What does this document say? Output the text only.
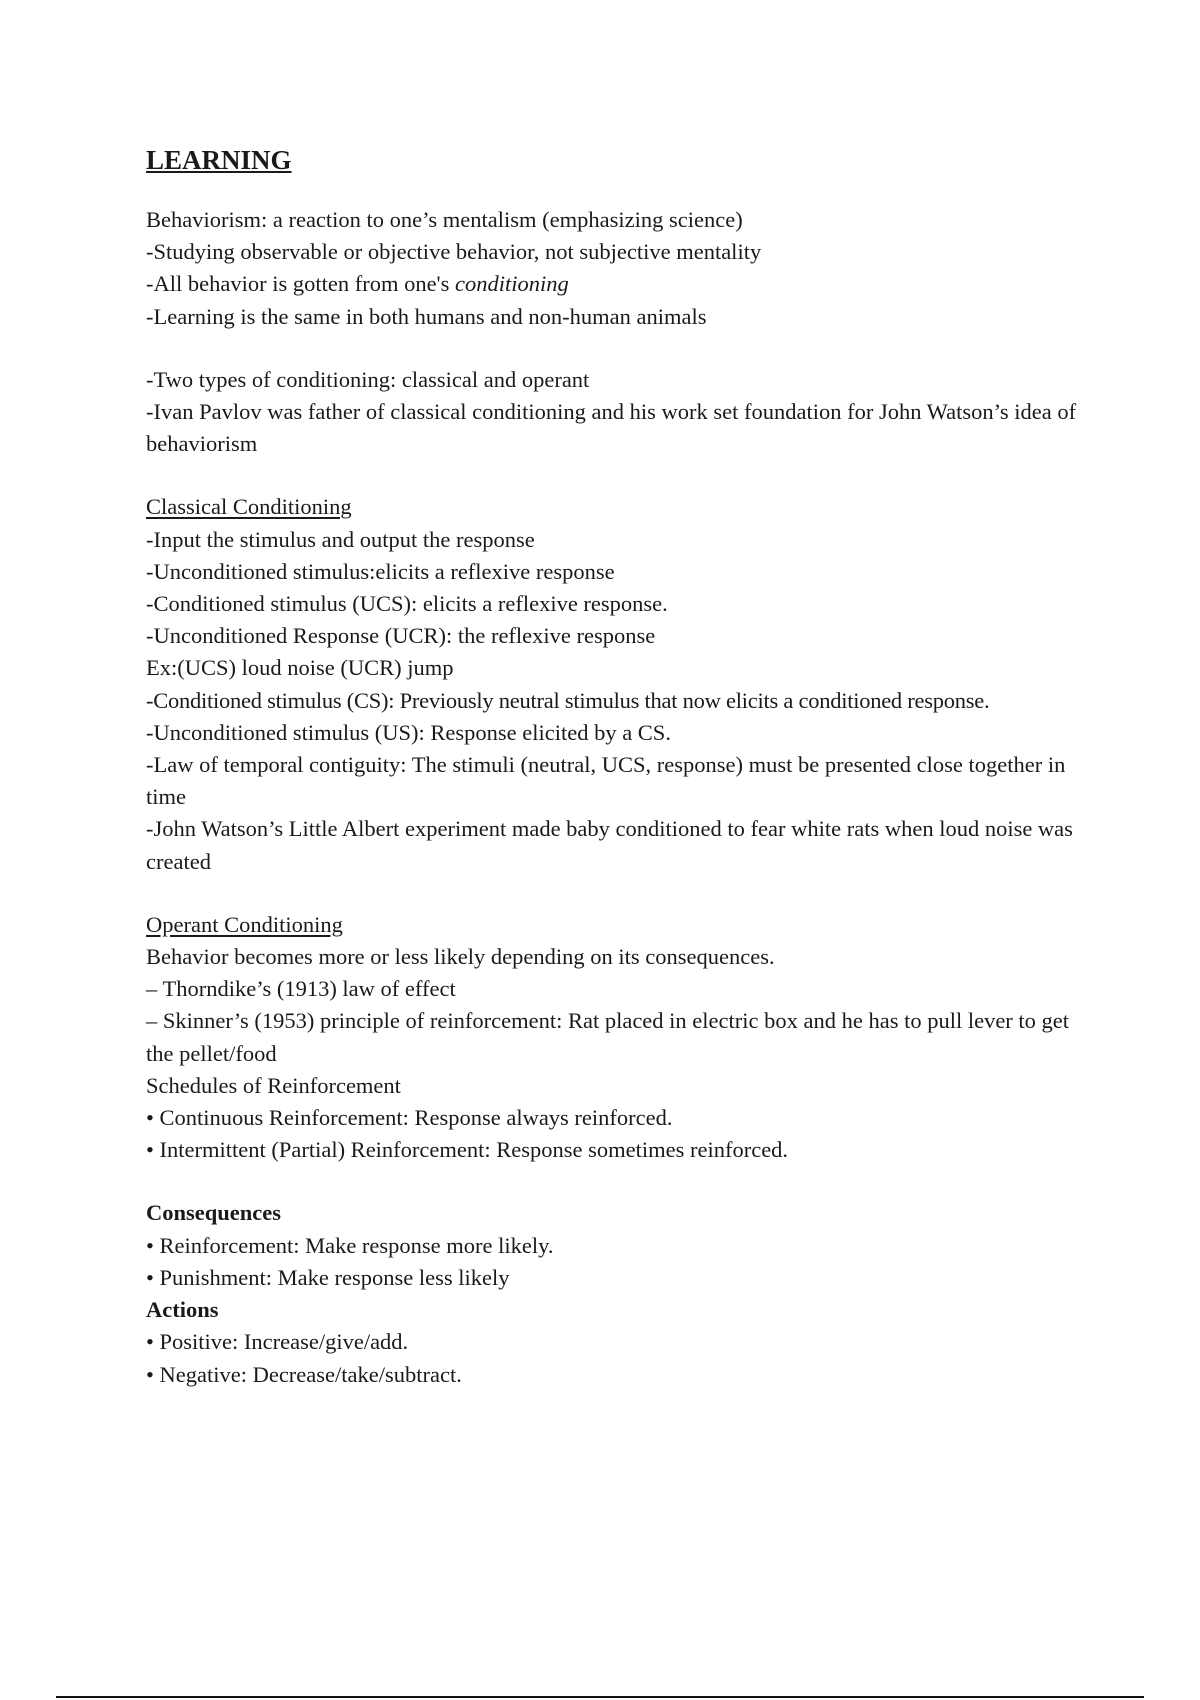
LEARNING

Behaviorism: a reaction to one’s mentalism (emphasizing science)

-Studying observable or objective behavior, not subjective mentality

-All behavior is gotten from one's conditioning

-Learning is the same in both humans and non-human animals

-Two types of conditioning: classical and operant

-Ivan Pavlov was father of classical conditioning and his work set foundation for John Watson’s idea of behaviorism

Classical Conditioning

-Input the stimulus and output the response

-Unconditioned stimulus:elicits a reflexive response

-Conditioned stimulus (UCS): elicits a reflexive response.

-Unconditioned Response (UCR): the reflexive response

Ex:(UCS) loud noise (UCR) jump

-Conditioned stimulus (CS): Previously neutral stimulus that now elicits a conditioned response.

-Unconditioned stimulus (US): Response elicited by a CS.

-Law of temporal contiguity: The stimuli (neutral, UCS, response) must be presented close together in time

-John Watson’s Little Albert experiment made baby conditioned to fear white rats when loud noise was created

Operant Conditioning

Behavior becomes more or less likely depending on its consequences.

– Thorndike’s (1913) law of effect

– Skinner’s (1953) principle of reinforcement: Rat placed in electric box and he has to pull lever to get the pellet/food

Schedules of Reinforcement

• Continuous Reinforcement: Response always reinforced.

• Intermittent (Partial) Reinforcement: Response sometimes reinforced.

Consequences

• Reinforcement: Make response more likely.

• Punishment: Make response less likely

Actions

• Positive: Increase/give/add.

• Negative: Decrease/take/subtract.
